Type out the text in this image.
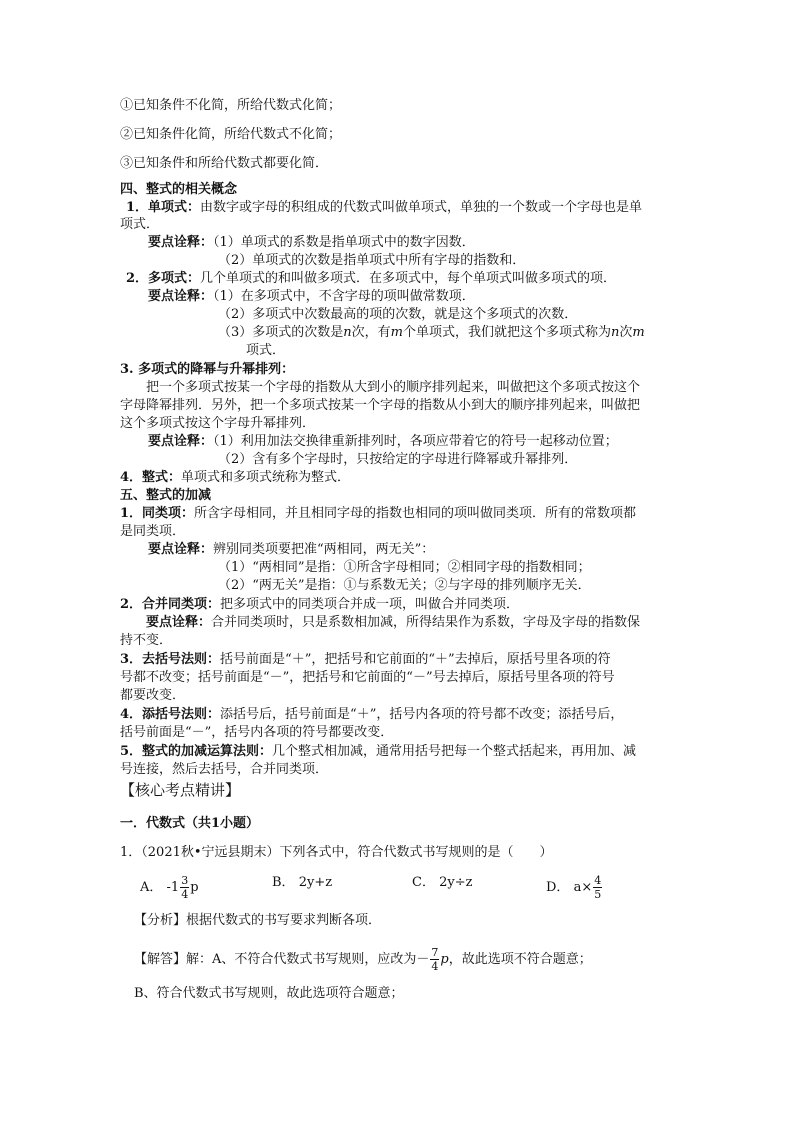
①已知条件不化简，所给代数式化简；
②已知条件化简，所给代数式不化简；
③已知条件和所给代数式都要化简．
四、整式的相关概念
1．单项式：由数字或字母的积组成的代数式叫做单项式，单独的一个数或一个字母也是单
项式．
要点诠释：（1）单项式的系数是指单项式中的数字因数．
（2）单项式的次数是指单项式中所有字母的指数和．
2．多项式：几个单项式的和叫做多项式．在多项式中，每个单项式叫做多项式的项．
要点诠释：（1）在多项式中，不含字母的项叫做常数项．
（2）多项式中次数最高的项的次数，就是这个多项式的次数．
（3）多项式的次数是n次，有m个单项式，我们就把这个多项式称为n次m
项式．
3. 多项式的降幂与升幂排列：
把一个多项式按某一个字母的指数从大到小的顺序排列起来，叫做把这个多项式按这个
字母降幂排列．另外，把一个多项式按某一个字母的指数从小到大的顺序排列起来，叫做把
这个多项式按这个字母升幂排列．
要点诠释：（1）利用加法交换律重新排列时，各项应带着它的符号一起移动位置；
（2）含有多个字母时，只按给定的字母进行降幂或升幂排列．
4．整式：单项式和多项式统称为整式．
五、整式的加减
1．同类项：所含字母相同，并且相同字母的指数也相同的项叫做同类项．所有的常数项都
是同类项．
要点诠释：辨别同类项要把准“两相同，两无关”：
（1）“两相同”是指：①所含字母相同；②相同字母的指数相同；
（2）“两无关”是指：①与系数无关；②与字母的排列顺序无关．
2．合并同类项：把多项式中的同类项合并成一项，叫做合并同类项．
要点诠释：合并同类项时，只是系数相加减，所得结果作为系数，字母及字母的指数保
持不变．
3．去括号法则：括号前面是“＋”，把括号和它前面的“＋”去掉后，原括号里各项的符
号都不改变；括号前面是“－”，把括号和它前面的“－”号去掉后，原括号里各项的符号
都要改变．
4．添括号法则：添括号后，括号前面是“＋”，括号内各项的符号都不改变；添括号后，
括号前面是“－”，括号内各项的符号都要改变．
5．整式的加减运算法则：几个整式相加减，通常用括号把每一个整式括起来，再用加、减
号连接，然后去括号，合并同类项．
【核心考点精讲】
一．代数式（共1小题）
1．（2021秋•宁远县期末）下列各式中，符合代数式书写规则的是（　　）
A． $-1 \frac{3}{4}$ p	B． 2y+z	C． 2y÷z	D． $a\times \frac{4}{5}$
【分析】根据代数式的书写要求判断各项．
【解答】解：A、不符合代数式书写规则，应改为－ $\frac{7}{4}$ p，故此选项不符合题意；
B、符合代数式书写规则，故此选项符合题意；
